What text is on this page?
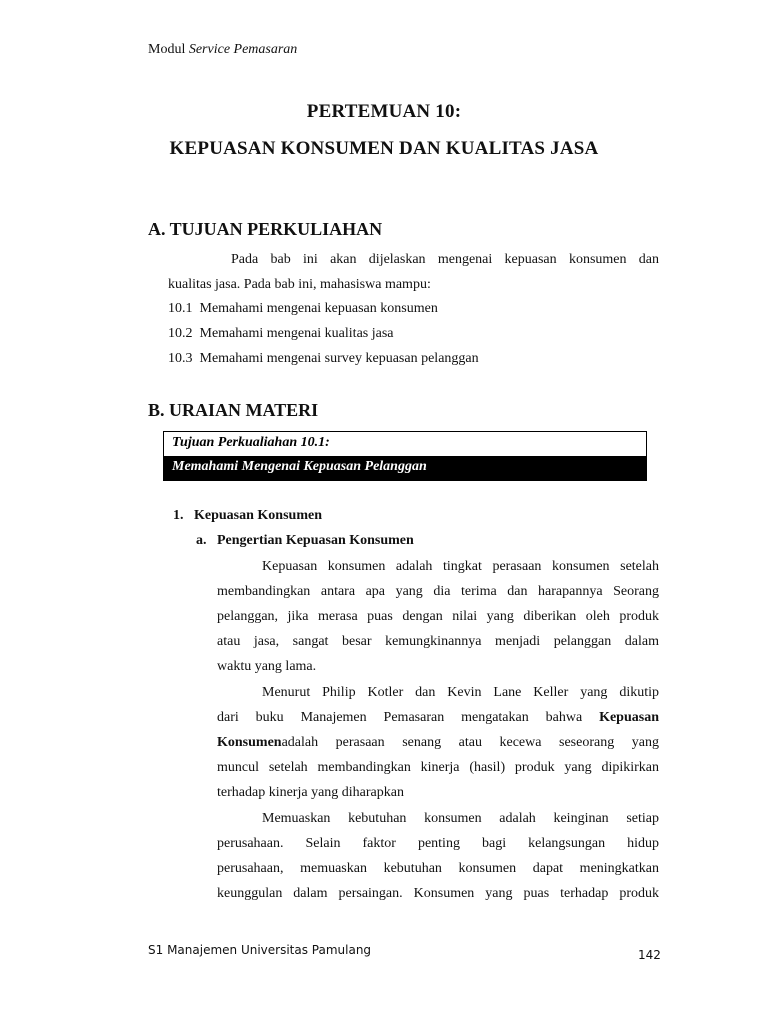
Modul Service Pemasaran
PERTEMUAN 10:
KEPUASAN KONSUMEN DAN KUALITAS JASA
A. TUJUAN PERKULIAHAN
Pada bab ini akan dijelaskan mengenai kepuasan konsumen dan
kualitas jasa. Pada bab ini, mahasiswa mampu:
10.1  Memahami mengenai kepuasan konsumen
10.2  Memahami mengenai kualitas jasa
10.3  Memahami mengenai survey kepuasan pelanggan
B. URAIAN MATERI
Tujuan Perkualiahan 10.1:
Memahami Mengenai Kepuasan Pelanggan
1.   Kepuasan Konsumen
a.   Pengertian Kepuasan Konsumen
Kepuasan konsumen adalah tingkat perasaan konsumen setelah
membandingkan antara apa yang dia terima dan harapannya Seorang
pelanggan, jika merasa puas dengan nilai yang diberikan oleh produk
atau jasa, sangat besar kemungkinannya menjadi pelanggan dalam
waktu yang lama.
Menurut Philip Kotler dan Kevin Lane Keller yang dikutip
dari buku Manajemen Pemasaran mengatakan bahwa Kepuasan
Konsumenadalah perasaan senang atau kecewa seseorang yang
muncul setelah membandingkan kinerja (hasil) produk yang dipikirkan
terhadap kinerja yang diharapkan
Memuaskan kebutuhan konsumen adalah keinginan setiap
perusahaan. Selain faktor penting bagi kelangsungan hidup
perusahaan, memuaskan kebutuhan konsumen dapat meningkatkan
keunggulan dalam persaingan. Konsumen yang puas terhadap produk
S1 Manajemen Universitas Pamulang	142
